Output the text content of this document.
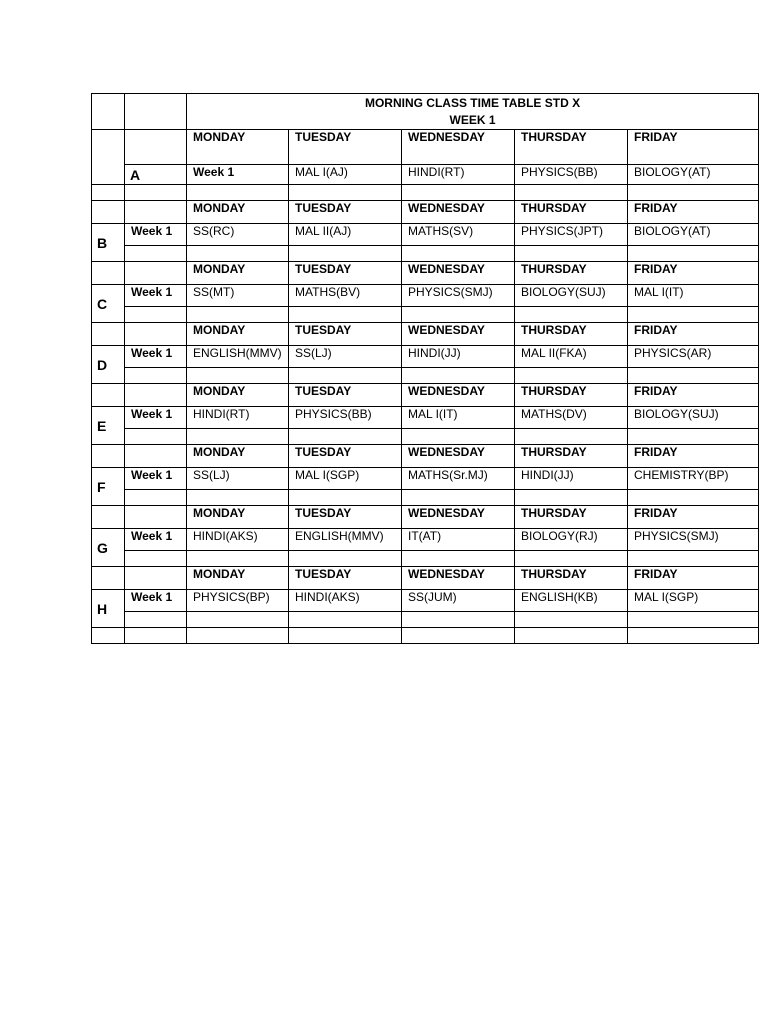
		MORNING CLASS TIME TABLE STD X
WEEK 1					

		MONDAY	TUESDAY	WEDNESDAY	THURSDAY	FRIDAY	
	A	Week 1	MAL I(AJ)	HINDI(RT)	PHYSICS(BB)	BIOLOGY(AT)	

		MONDAY	TUESDAY	WEDNESDAY	THURSDAY	FRIDAY	
B	Week 1	SS(RC)	MAL II(AJ)	MATHS(SV)	PHYSICS(JPT)	BIOLOGY(AT)	

		MONDAY	TUESDAY	WEDNESDAY	THURSDAY	FRIDAY	
C	Week 1	SS(MT)	MATHS(BV)	PHYSICS(SMJ)	BIOLOGY(SUJ)	MAL I(IT)	

		MONDAY	TUESDAY	WEDNESDAY	THURSDAY	FRIDAY	
D	Week 1	ENGLISH(MMV)	SS(LJ)	HINDI(JJ)	MAL II(FKA)	PHYSICS(AR)	

		MONDAY	TUESDAY	WEDNESDAY	THURSDAY	FRIDAY	
E	Week 1	HINDI(RT)	PHYSICS(BB)	MAL I(IT)	MATHS(DV)	BIOLOGY(SUJ)	

		MONDAY	TUESDAY	WEDNESDAY	THURSDAY	FRIDAY	
F	Week 1	SS(LJ)	MAL I(SGP)	MATHS(Sr.MJ)	HINDI(JJ)	CHEMISTRY(BP)	

		MONDAY	TUESDAY	WEDNESDAY	THURSDAY	FRIDAY	
G	Week 1	HINDI(AKS)	ENGLISH(MMV)	IT(AT)	BIOLOGY(RJ)	PHYSICS(SMJ)	

		MONDAY	TUESDAY	WEDNESDAY	THURSDAY	FRIDAY	
H	Week 1	PHYSICS(BP)	HINDI(AKS)	SS(JUM)	ENGLISH(KB)	MAL I(SGP)	
